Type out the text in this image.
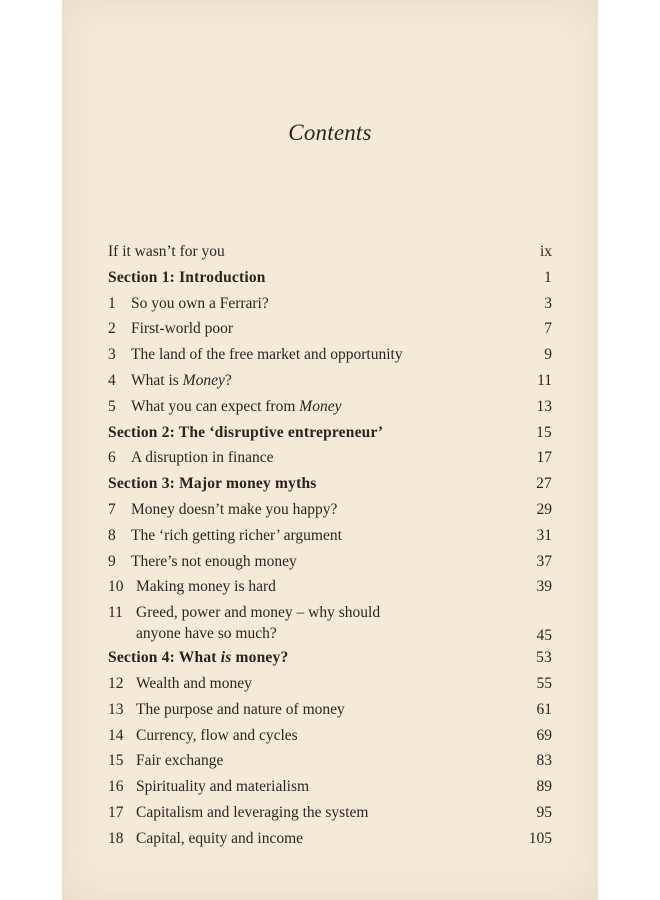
Contents
If it wasn’t for you	ix
Section 1: Introduction	1
1 So you own a Ferrari?	3
2 First-world poor	7
3 The land of the free market and opportunity	9
4 What is Money?	11
5 What you can expect from Money	13
Section 2: The ‘disruptive entrepreneur’	15
6 A disruption in finance	17
Section 3: Major money myths	27
7 Money doesn’t make you happy?	29
8 The ‘rich getting richer’ argument	31
9 There’s not enough money	37
10 Making money is hard	39
11 Greed, power and money – why should
anyone have so much?	45
Section 4: What is money?	53
12 Wealth and money	55
13 The purpose and nature of money	61
14 Currency, flow and cycles	69
15 Fair exchange	83
16 Spirituality and materialism	89
17 Capitalism and leveraging the system	95
18 Capital, equity and income	105
